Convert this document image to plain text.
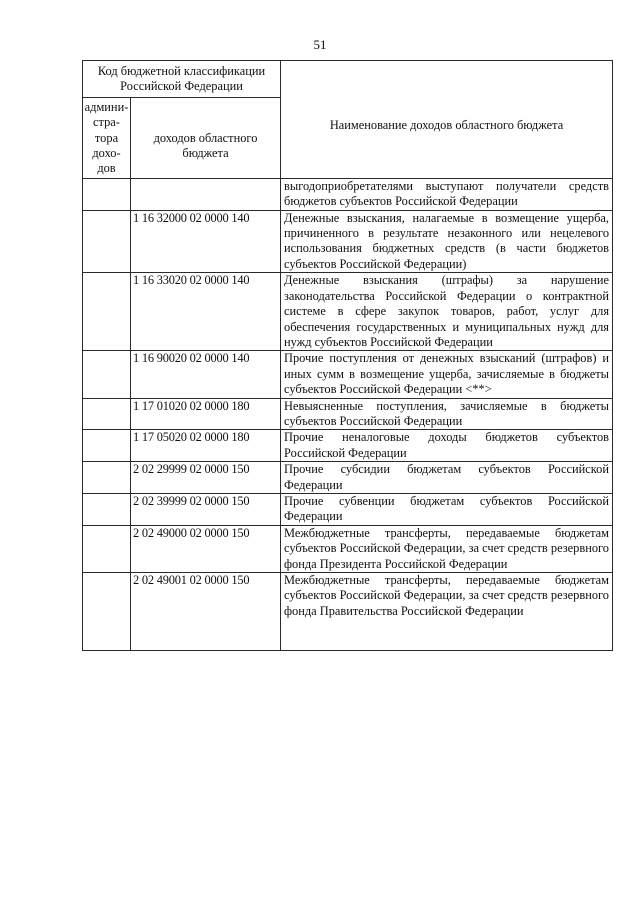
51
Код бюджетной классификации Российской Федерации		Наименование доходов областного бюджета
админи-стра-тора дохо-дов	доходов областного бюджета	
		выгодоприобретателями выступают получатели средств бюджетов субъектов Российской Федерации
	1 16 32000 02 0000 140	Денежные взыскания, налагаемые в возмещение ущерба, причиненного в результате незаконного или нецелевого использования бюджетных средств (в части бюджетов субъектов Российской Федерации)
	1 16 33020 02 0000 140	Денежные взыскания (штрафы) за нарушение законодательства Российской Федерации о контрактной системе в сфере закупок товаров, работ, услуг для обеспечения государственных и муниципальных нужд для нужд субъектов Российской Федерации
	1 16 90020 02 0000 140	Прочие поступления от денежных взысканий (штрафов) и иных сумм в возмещение ущерба, зачисляемые в бюджеты субъектов Российской Федерации <**>
	1 17 01020 02 0000 180	Невыясненные поступления, зачисляемые в бюджеты субъектов Российской Федерации
	1 17 05020 02 0000 180	Прочие неналоговые доходы бюджетов субъектов Российской Федерации
	2 02 29999 02 0000 150	Прочие субсидии бюджетам субъектов Российской Федерации
	2 02 39999 02 0000 150	Прочие субвенции бюджетам субъектов Российской Федерации
	2 02 49000 02 0000 150	Межбюджетные трансферты, передаваемые бюджетам субъектов Российской Федерации, за счет средств резервного фонда Президента Российской Федерации
	2 02 49001 02 0000 150	Межбюджетные трансферты, передаваемые бюджетам субъектов Российской Федерации, за счет средств резервного фонда Правительства Российской Федерации
